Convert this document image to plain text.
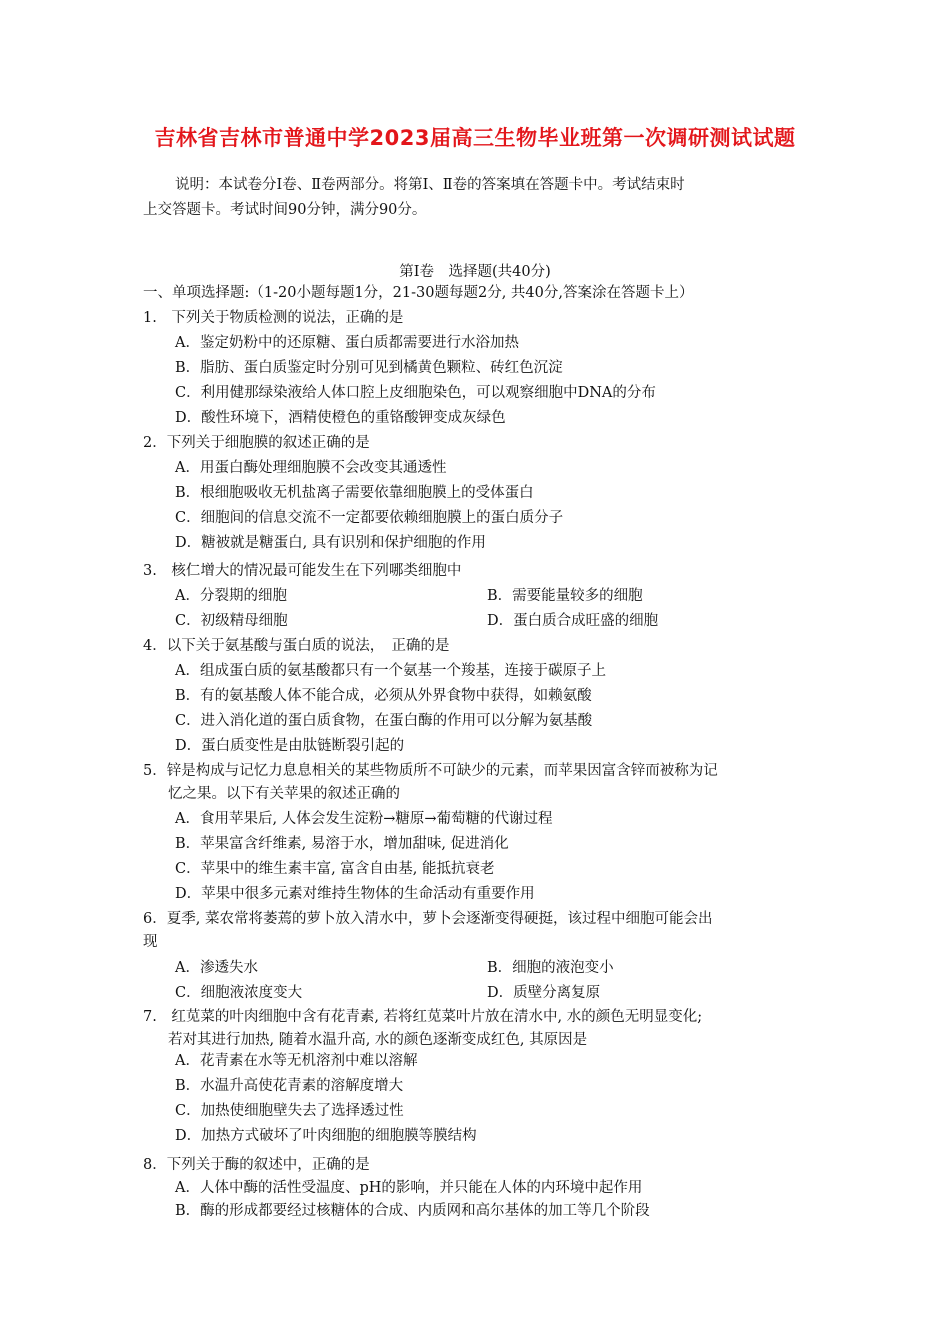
吉林省吉林市普通中学2023届高三生物毕业班第一次调研测试试题
说明：本试卷分Ⅰ卷、Ⅱ卷两部分。将第Ⅰ、Ⅱ卷的答案填在答题卡中。考试结束时
上交答题卡。考试时间90分钟，满分90分。
第Ⅰ卷　选择题(共40分)
一、单项选择题:（1-20小题每题1分，21-30题每题2分, 共40分,答案涂在答题卡上）
1.　下列关于物质检测的说法，正确的是
A．鉴定奶粉中的还原糖、蛋白质都需要进行水浴加热
B．脂肪、蛋白质鉴定时分别可见到橘黄色颗粒、砖红色沉淀
C．利用健那绿染液给人体口腔上皮细胞染色，可以观察细胞中DNA的分布
D．酸性环境下，酒精使橙色的重铬酸钾变成灰绿色
2．下列关于细胞膜的叙述正确的是
A．用蛋白酶处理细胞膜不会改变其通透性
B．根细胞吸收无机盐离子需要依靠细胞膜上的受体蛋白
C．细胞间的信息交流不一定都要依赖细胞膜上的蛋白质分子
D．糖被就是糖蛋白, 具有识别和保护细胞的作用
3.　核仁增大的情况最可能发生在下列哪类细胞中
A．分裂期的细胞	B．需要能量较多的细胞
C．初级精母细胞	D．蛋白质合成旺盛的细胞
4．以下关于氨基酸与蛋白质的说法，　正确的是
A．组成蛋白质的氨基酸都只有一个氨基一个羧基，连接于碳原子上
B．有的氨基酸人体不能合成，必须从外界食物中获得，如赖氨酸
C．进入消化道的蛋白质食物，在蛋白酶的作用可以分解为氨基酸
D．蛋白质变性是由肽链断裂引起的
5．锌是构成与记忆力息息相关的某些物质所不可缺少的元素，而苹果因富含锌而被称为记
忆之果。以下有关苹果的叙述正确的
A．食用苹果后, 人体会发生淀粉→糖原→葡萄糖的代谢过程
B．苹果富含纤维素, 易溶于水，增加甜味, 促进消化
C．苹果中的维生素丰富, 富含自由基, 能抵抗衰老
D．苹果中很多元素对维持生物体的生命活动有重要作用
6．夏季, 菜农常将萎蔫的萝卜放入清水中，萝卜会逐渐变得硬挺，该过程中细胞可能会出
现
A．渗透失水	B．细胞的液泡变小
C．细胞液浓度变大	D．质壁分离复原
7.　红苋菜的叶肉细胞中含有花青素, 若将红苋菜叶片放在清水中, 水的颜色无明显变化;
若对其进行加热, 随着水温升高, 水的颜色逐渐变成红色, 其原因是
A．花青素在水等无机溶剂中难以溶解
B．水温升高使花青素的溶解度增大
C．加热使细胞壁失去了选择透过性
D．加热方式破坏了叶肉细胞的细胞膜等膜结构
8．下列关于酶的叙述中，正确的是
A．人体中酶的活性受温度、pH的影响，并只能在人体的内环境中起作用
B．酶的形成都要经过核糖体的合成、内质网和高尔基体的加工等几个阶段
